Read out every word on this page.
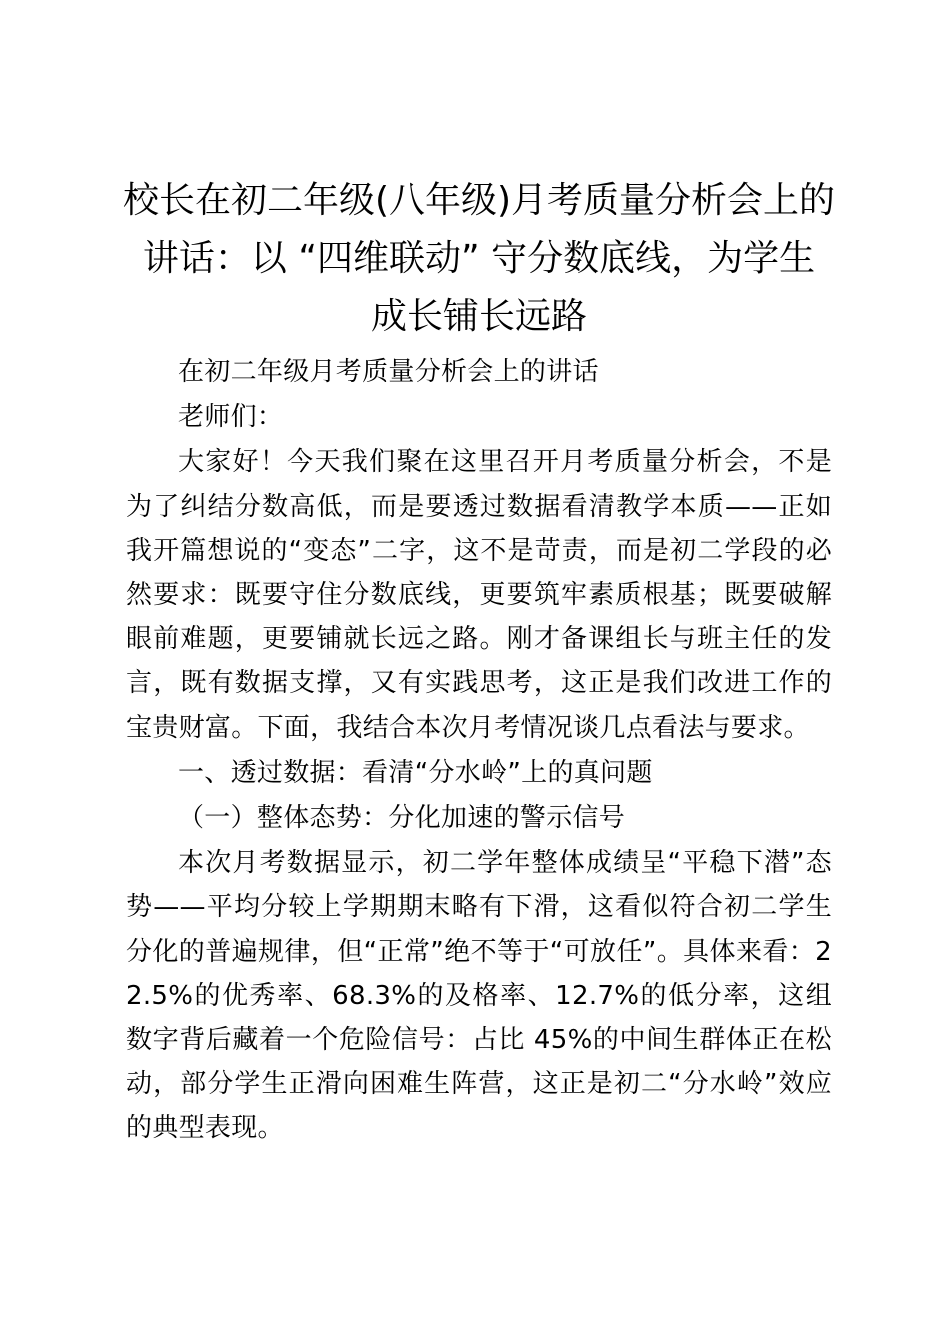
校长在初二年级(八年级)月考质量分析会上的
讲话：以 “四维联动” 守分数底线，为学生
成长铺长远路

在初二年级月考质量分析会上的讲话

老师们：

大家好！今天我们聚在这里召开月考质量分析会，不是为了纠结分数高低，而是要透过数据看清教学本质——正如我开篇想说的“变态”二字，这不是苛责，而是初二学段的必然要求：既要守住分数底线，更要筑牢素质根基；既要破解眼前难题，更要铺就长远之路。刚才备课组长与班主任的发言，既有数据支撑，又有实践思考，这正是我们改进工作的宝贵财富。下面，我结合本次月考情况谈几点看法与要求。

一、透过数据：看清“分水岭”上的真问题

（一）整体态势：分化加速的警示信号

本次月考数据显示，初二学年整体成绩呈“平稳下潜”态势——平均分较上学期期末略有下滑，这看似符合初二学生分化的普遍规律，但“正常”绝不等于“可放任”。具体来看：22.5%的优秀率、68.3%的及格率、12.7%的低分率，这组数字背后藏着一个危险信号：占比 45%的中间生群体正在松动，部分学生正滑向困难生阵营，这正是初二“分水岭”效应的典型表现。
